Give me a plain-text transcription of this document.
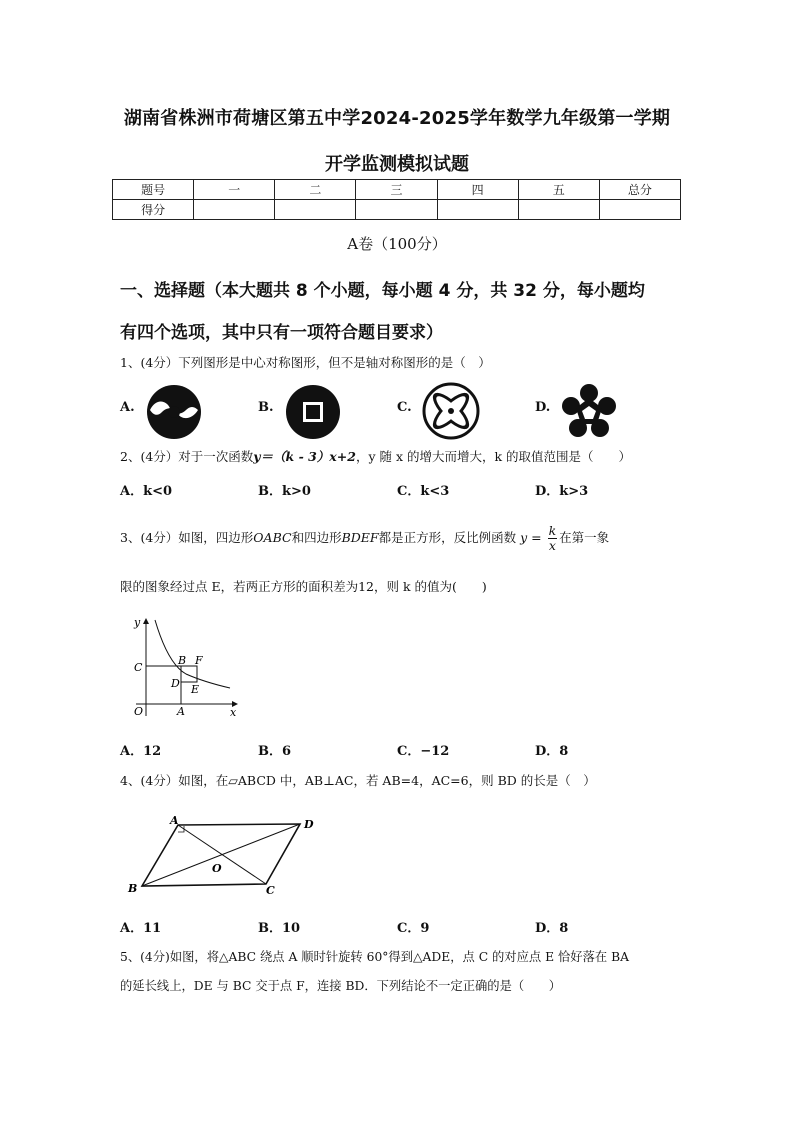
湖南省株洲市荷塘区第五中学2024-2025学年数学九年级第一学期
开学监测模拟试题
题号	一	二	三	四	五	总分
得分						
A卷（100分）
一、选择题（本大题共 8 个小题，每小题 4 分，共 32 分，每小题均
有四个选项，其中只有一项符合题目要求）
1、(4分）下列图形是中心对称图形，但不是轴对称图形的是（　）
A.	B.	C.	D.
2、(4分）对于一次函数y＝（k - 3）x+2，y 随 x 的增大而增大，k 的取值范围是（　　）
A．k<0	B．k>0	C．k<3	D．k>3
3、(4分）如图，四边形OABC和四边形BDEF都是正方形，反比例函数 $y = \frac{k}{x}$ 在第一象
限的图象经过点 E，若两正方形的面积差为12，则 k 的值为(　　)
y
x
O	A
C
B F
D E
A．12	B．6	C．−12	D．8
4、(4分）如图，在▱ABCD 中，AB⊥AC，若 AB=4，AC=6，则 BD 的长是（　）
A
B	C
D
O
A．11	B．10	C．9	D．8
5、(4分)如图，将△ABC 绕点 A 顺时针旋转 60°得到△ADE，点 C 的对应点 E 恰好落在 BA
的延长线上，DE 与 BC 交于点 F，连接 BD．下列结论不一定正确的是（　　）
